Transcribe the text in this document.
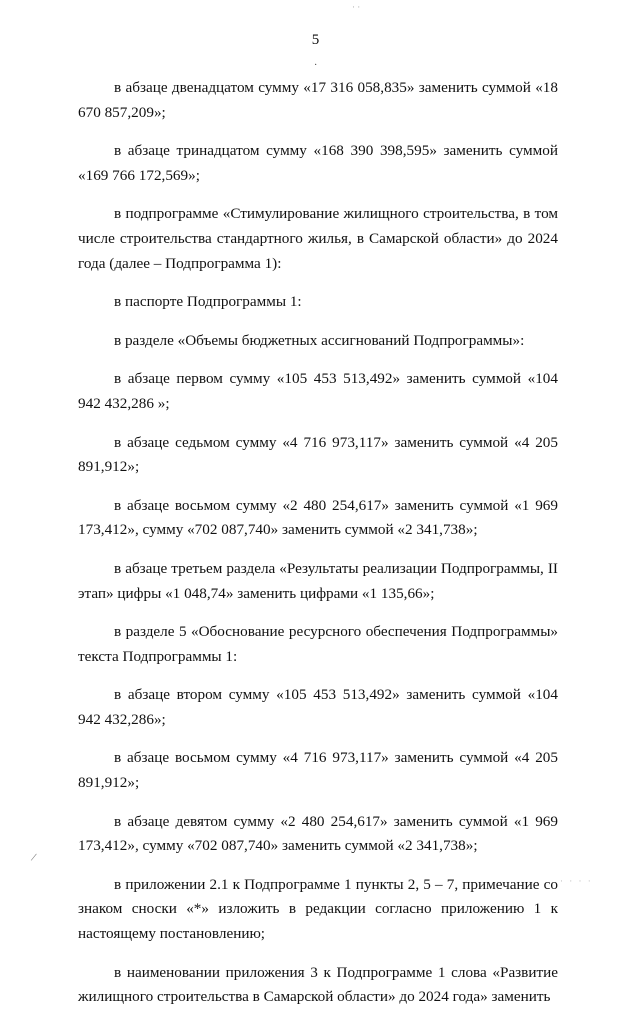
· ·
5
·

в абзаце двенадцатом сумму «17 316 058,835» заменить суммой «18 670 857,209»;

в абзаце тринадцатом сумму «168 390 398,595» заменить суммой «169 766 172,569»;

в подпрограмме «Стимулирование жилищного строительства, в том числе строительства стандартного жилья, в Самарской области» до 2024 года (далее – Подпрограмма 1):

в паспорте Подпрограммы 1:

в разделе «Объемы бюджетных ассигнований Подпрограммы»:

в абзаце первом сумму «105 453 513,492» заменить суммой «104 942 432,286 »;

в абзаце седьмом сумму «4 716 973,117» заменить суммой «4 205 891,912»;

в абзаце восьмом сумму «2 480 254,617» заменить суммой «1 969 173,412», сумму «702 087,740» заменить суммой «2 341,738»;

в абзаце третьем раздела «Результаты реализации Подпрограммы, II этап» цифры «1 048,74» заменить цифрами «1 135,66»;

в разделе 5 «Обоснование ресурсного обеспечения Подпрограммы» текста Подпрограммы 1:

в абзаце втором сумму «105 453 513,492» заменить суммой «104 942 432,286»;

в абзаце восьмом сумму «4 716 973,117» заменить суммой «4 205 891,912»;

в абзаце девятом сумму «2 480 254,617» заменить суммой «1 969 173,412», сумму «702 087,740» заменить суммой «2 341,738»;

в приложении 2.1 к Подпрограмме 1 пункты 2, 5 – 7, примечание со знаком сноски «*» изложить в редакции согласно приложению 1 к настоящему постановлению;

в наименовании приложения 3 к Подпрограмме 1 слова «Развитие жилищного строительства в Самарской области» до 2024 года» заменить

/
· · · ·
